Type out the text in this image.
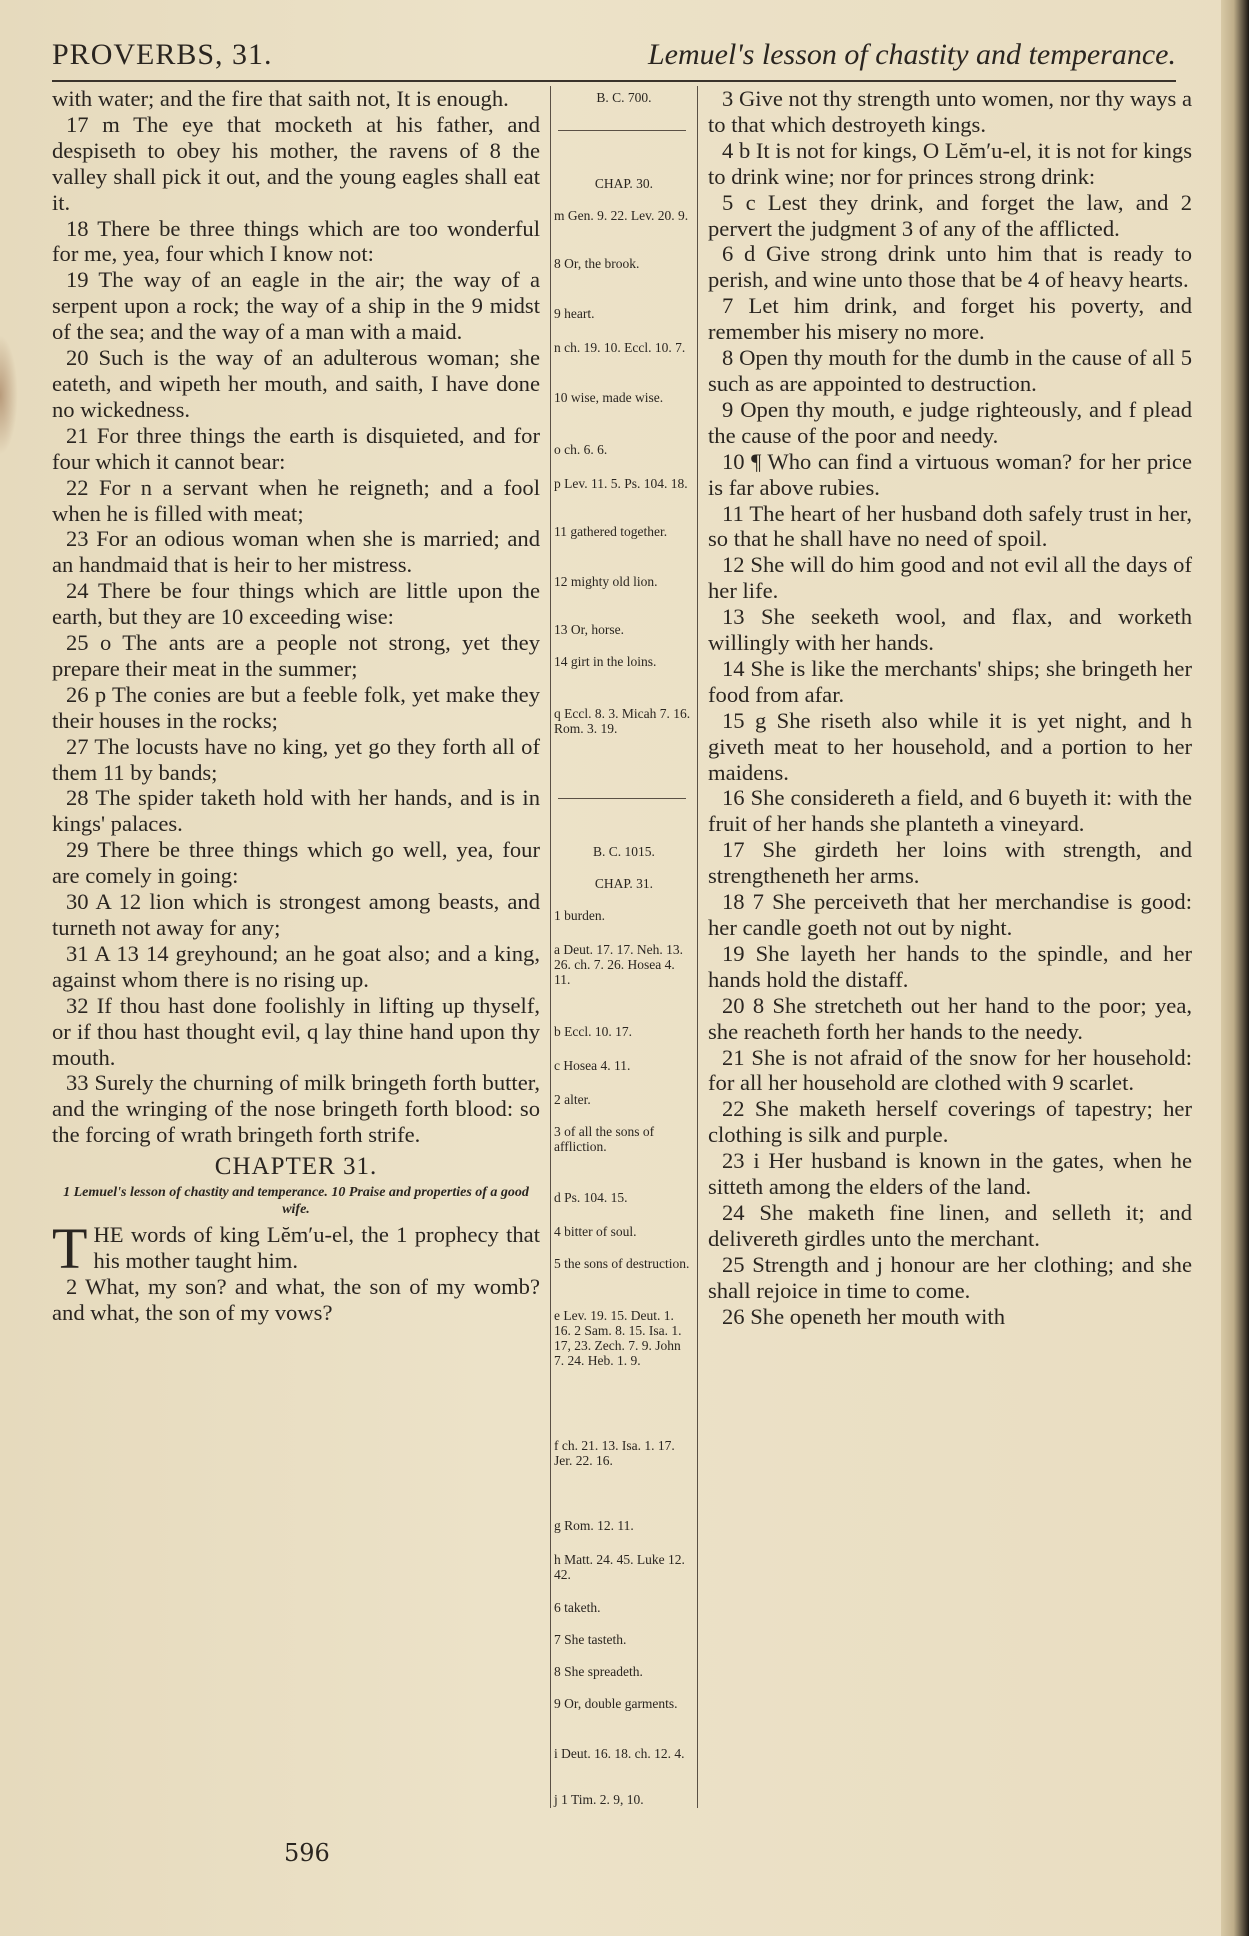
PROVERBS, 31.	Lemuel's lesson of chastity and temperance.

with water; and the fire that saith not, It is enough.

17 m The eye that mocketh at his father, and despiseth to obey his mother, the ravens of 8 the valley shall pick it out, and the young eagles shall eat it.

18 There be three things which are too wonderful for me, yea, four which I know not:

19 The way of an eagle in the air; the way of a serpent upon a rock; the way of a ship in the 9 midst of the sea; and the way of a man with a maid.

20 Such is the way of an adulterous woman; she eateth, and wipeth her mouth, and saith, I have done no wickedness.

21 For three things the earth is disquieted, and for four which it cannot bear:

22 For n a servant when he reigneth; and a fool when he is filled with meat;

23 For an odious woman when she is married; and an handmaid that is heir to her mistress.

24 There be four things which are little upon the earth, but they are 10 exceeding wise:

25 o The ants are a people not strong, yet they prepare their meat in the summer;

26 p The conies are but a feeble folk, yet make they their houses in the rocks;

27 The locusts have no king, yet go they forth all of them 11 by bands;

28 The spider taketh hold with her hands, and is in kings' palaces.

29 There be three things which go well, yea, four are comely in going:

30 A 12 lion which is strongest among beasts, and turneth not away for any;

31 A 13 14 greyhound; an he goat also; and a king, against whom there is no rising up.

32 If thou hast done foolishly in lifting up thyself, or if thou hast thought evil, q lay thine hand upon thy mouth.

33 Surely the churning of milk bringeth forth butter, and the wringing of the nose bringeth forth blood: so the forcing of wrath bringeth forth strife.

CHAPTER 31.
1 Lemuel's lesson of chastity and temperance. 10 Praise and properties of a good wife.

T HE words of king Lĕm′u-el, the 1 prophecy that his mother taught him.

2 What, my son? and what, the son of my womb? and what, the son of my vows?

B. C. 700.
CHAP. 30.
m Gen. 9. 22. Lev. 20. 9.
8 Or, the brook.
9 heart.
n ch. 19. 10. Eccl. 10. 7.
10 wise, made wise.
o ch. 6. 6.
p Lev. 11. 5. Ps. 104. 18.
11 gathered together.
12 mighty old lion.
13 Or, horse.
14 girt in the loins.
q Eccl. 8. 3. Micah 7. 16. Rom. 3. 19.
B. C. 1015.
CHAP. 31.
1 burden.
a Deut. 17. 17. Neh. 13. 26. ch. 7. 26. Hosea 4. 11.
b Eccl. 10. 17.
c Hosea 4. 11.
2 alter.
3 of all the sons of affliction.
d Ps. 104. 15.
4 bitter of soul.
5 the sons of destruction.
e Lev. 19. 15. Deut. 1. 16. 2 Sam. 8. 15. Isa. 1. 17, 23. Zech. 7. 9. John 7. 24. Heb. 1. 9.
f ch. 21. 13. Isa. 1. 17. Jer. 22. 16.
g Rom. 12. 11.
h Matt. 24. 45. Luke 12. 42.
6 taketh.
7 She tasteth.
8 She spreadeth.
9 Or, double garments.
i Deut. 16. 18. ch. 12. 4.
j 1 Tim. 2. 9, 10.

3 Give not thy strength unto women, nor thy ways a to that which destroyeth kings.

4 b It is not for kings, O Lĕm′u-el, it is not for kings to drink wine; nor for princes strong drink:

5 c Lest they drink, and forget the law, and 2 pervert the judgment 3 of any of the afflicted.

6 d Give strong drink unto him that is ready to perish, and wine unto those that be 4 of heavy hearts.

7 Let him drink, and forget his poverty, and remember his misery no more.

8 Open thy mouth for the dumb in the cause of all 5 such as are appointed to destruction.

9 Open thy mouth, e judge righteously, and f plead the cause of the poor and needy.

10 ¶ Who can find a virtuous woman? for her price is far above rubies.

11 The heart of her husband doth safely trust in her, so that he shall have no need of spoil.

12 She will do him good and not evil all the days of her life.

13 She seeketh wool, and flax, and worketh willingly with her hands.

14 She is like the merchants' ships; she bringeth her food from afar.

15 g She riseth also while it is yet night, and h giveth meat to her household, and a portion to her maidens.

16 She considereth a field, and 6 buyeth it: with the fruit of her hands she planteth a vineyard.

17 She girdeth her loins with strength, and strengtheneth her arms.

18 7 She perceiveth that her merchandise is good: her candle goeth not out by night.

19 She layeth her hands to the spindle, and her hands hold the distaff.

20 8 She stretcheth out her hand to the poor; yea, she reacheth forth her hands to the needy.

21 She is not afraid of the snow for her household: for all her household are clothed with 9 scarlet.

22 She maketh herself coverings of tapestry; her clothing is silk and purple.

23 i Her husband is known in the gates, when he sitteth among the elders of the land.

24 She maketh fine linen, and selleth it; and delivereth girdles unto the merchant.

25 Strength and j honour are her clothing; and she shall rejoice in time to come.

26 She openeth her mouth with

596
